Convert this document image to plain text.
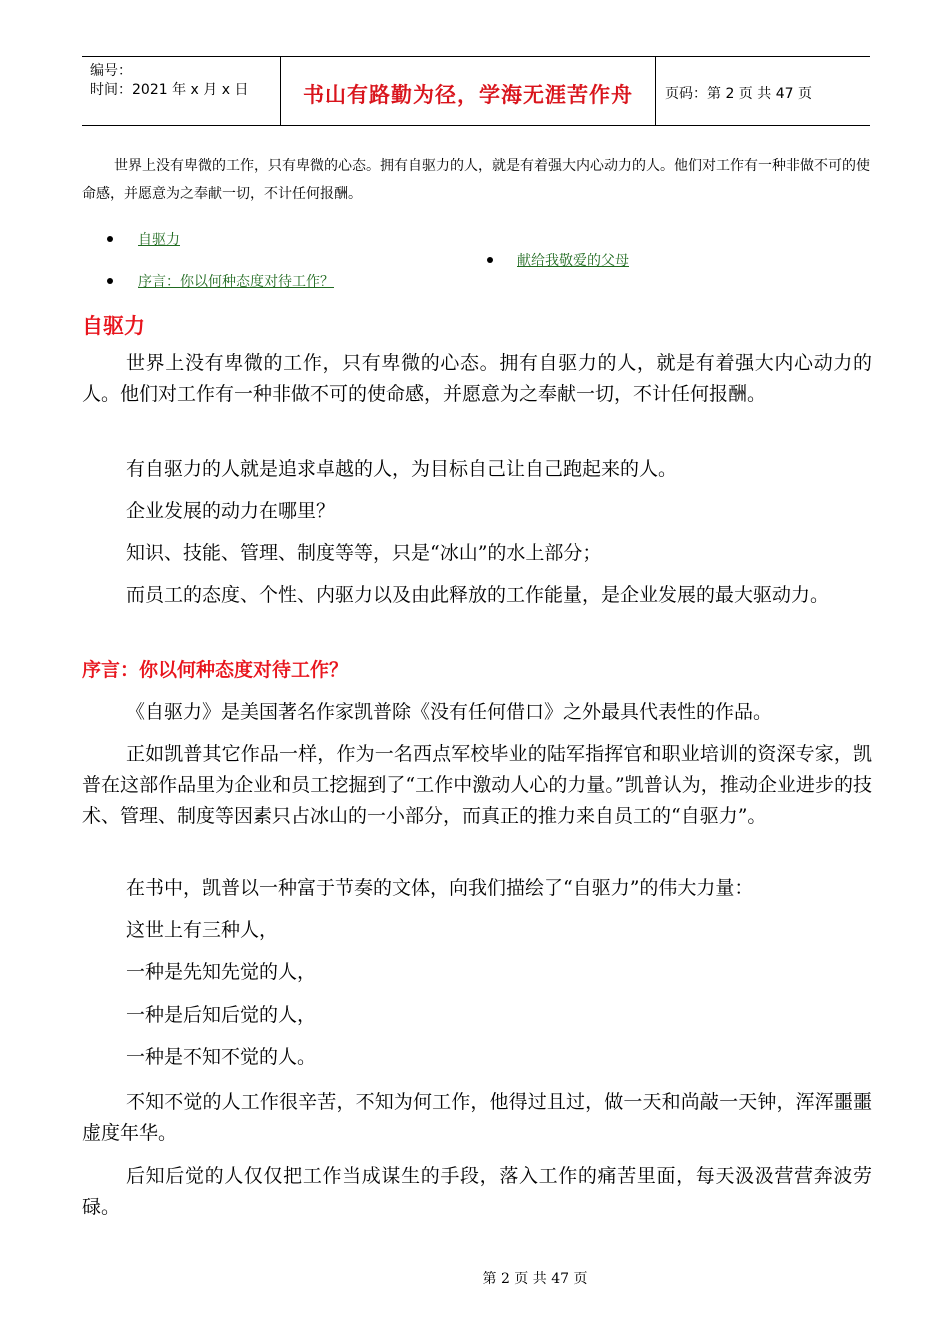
编号：
时间：2021 年 x 月 x 日	书山有路勤为径，学海无涯苦作舟	页码：第 2 页 共 47 页
世界上没有卑微的工作，只有卑微的心态。拥有自驱力的人，就是有着强大内心动力的人。他们对工作有一种非做不可的使命感，并愿意为之奉献一切，不计任何报酬。
自驱力
序言：你以何种态度对待工作？
献给我敬爱的父母
自驱力
世界上没有卑微的工作，只有卑微的心态。拥有自驱力的人，就是有着强大内心动力的人。他们对工作有一种非做不可的使命感，并愿意为之奉献一切，不计任何报酬。
有自驱力的人就是追求卓越的人，为目标自己让自己跑起来的人。
企业发展的动力在哪里？
知识、技能、管理、制度等等，只是“冰山”的水上部分；
而员工的态度、个性、内驱力以及由此释放的工作能量，是企业发展的最大驱动力。
序言：你以何种态度对待工作？
《自驱力》是美国著名作家凯普除《没有任何借口》之外最具代表性的作品。
正如凯普其它作品一样，作为一名西点军校毕业的陆军指挥官和职业培训的资深专家，凯普在这部作品里为企业和员工挖掘到了“工作中激动人心的力量。”凯普认为，推动企业进步的技术、管理、制度等因素只占冰山的一小部分，而真正的推力来自员工的“自驱力”。
在书中，凯普以一种富于节奏的文体，向我们描绘了“自驱力”的伟大力量：
这世上有三种人，
一种是先知先觉的人，
一种是后知后觉的人，
一种是不知不觉的人。
不知不觉的人工作很辛苦，不知为何工作，他得过且过，做一天和尚敲一天钟，浑浑噩噩虚度年华。
后知后觉的人仅仅把工作当成谋生的手段，落入工作的痛苦里面，每天汲汲营营奔波劳碌。
第 2 页 共 47 页
